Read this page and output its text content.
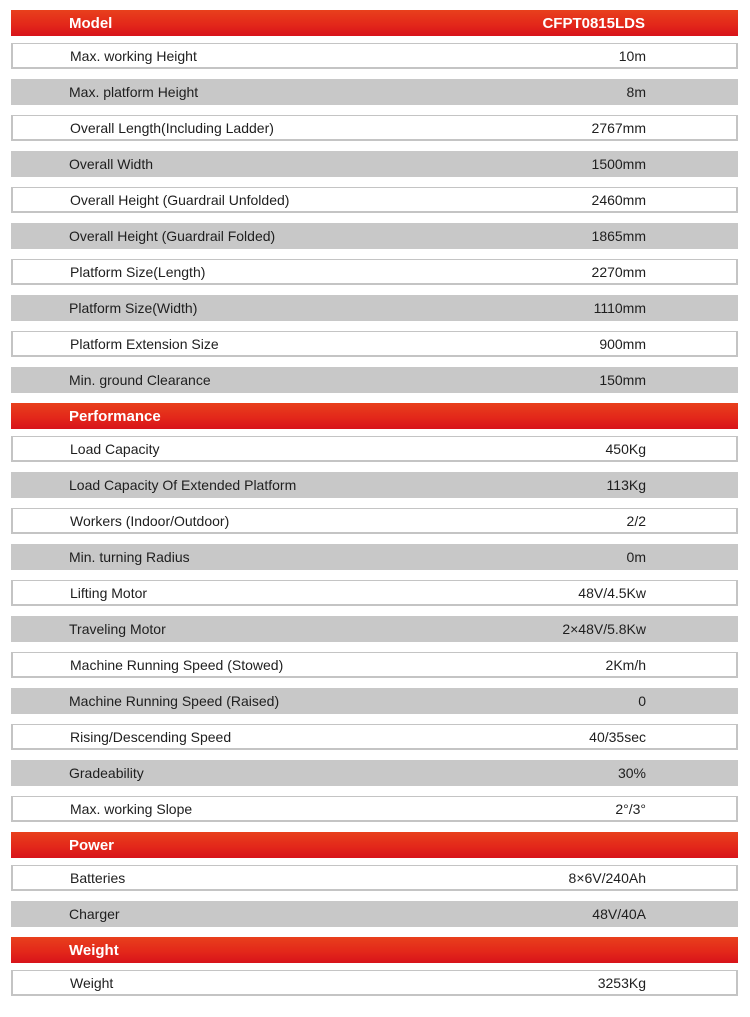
Model	CFPT0815LDS
Max. working Height	10m
Max. platform Height	8m
Overall Length(Including Ladder)	2767mm
Overall Width	1500mm
Overall Height (Guardrail Unfolded)	2460mm
Overall Height (Guardrail Folded)	1865mm
Platform Size(Length)	2270mm
Platform Size(Width)	1110mm
Platform Extension Size	900mm
Min. ground Clearance	150mm
Performance
Load Capacity	450Kg
Load Capacity Of Extended Platform	113Kg
Workers (Indoor/Outdoor)	2/2
Min. turning Radius	0m
Lifting Motor	48V/4.5Kw
Traveling Motor	2×48V/5.8Kw
Machine Running Speed (Stowed)	2Km/h
Machine Running Speed (Raised)	0
Rising/Descending Speed	40/35sec
Gradeability	30%
Max. working Slope	2°/3°
Power
Batteries	8×6V/240Ah
Charger	48V/40A
Weight
Weight	3253Kg
